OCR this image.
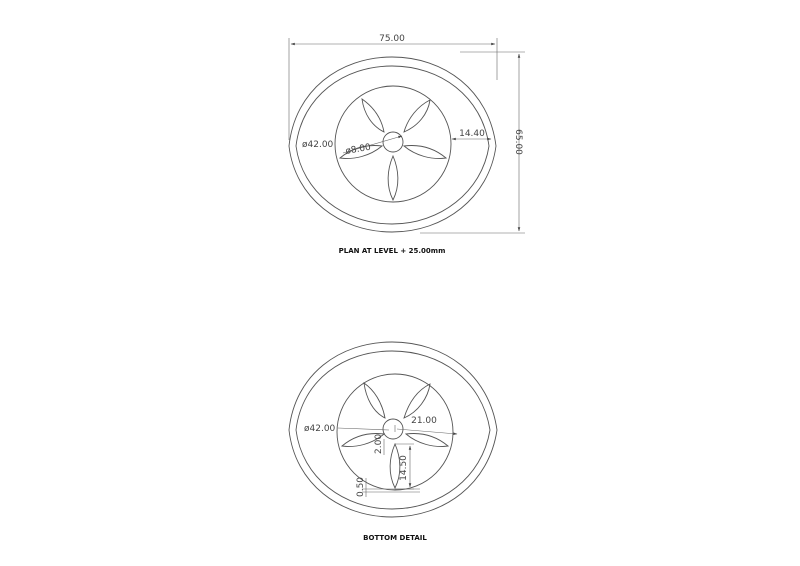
75.00
65.00
ø42.00 ø8.00
14.40
PLAN AT LEVEL + 25.00mm
ø42.00
21.00
2.00
14.50
0.50
BOTTOM DETAIL
